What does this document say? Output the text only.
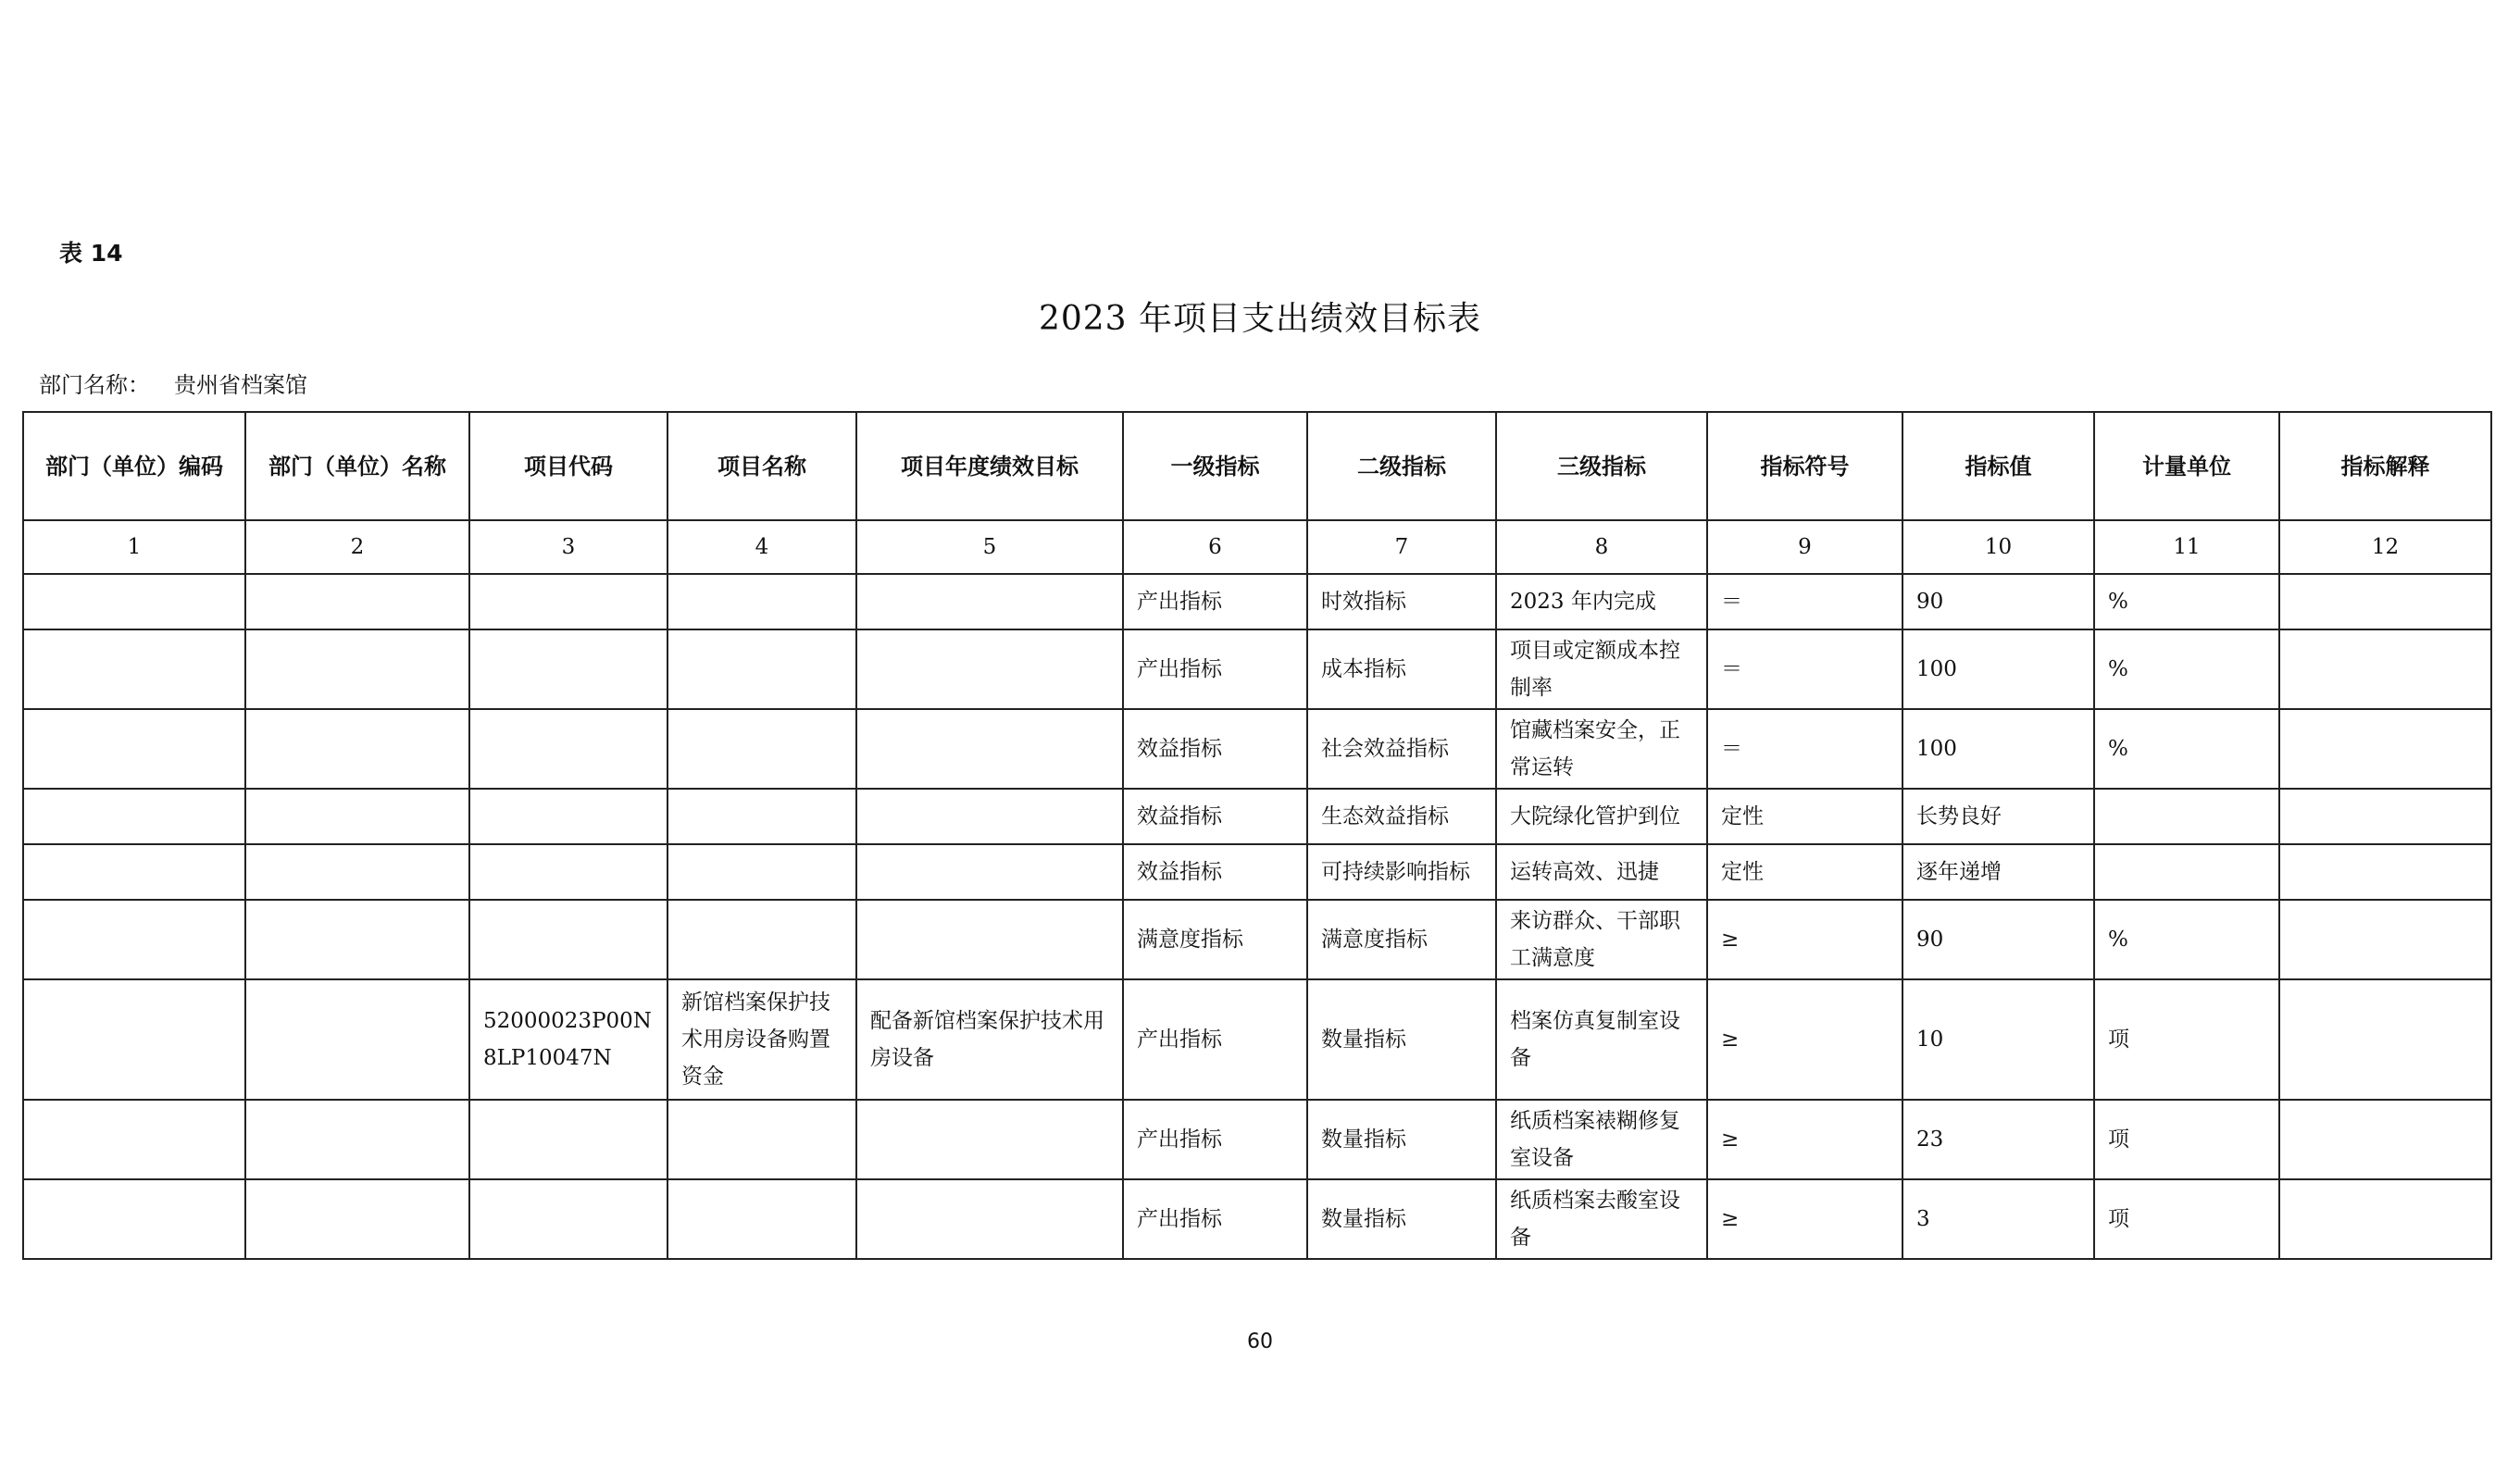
表 14
2023 年项目支出绩效目标表
部门名称： 贵州省档案馆
部门（单位）编码	部门（单位）名称	项目代码	项目名称	项目年度绩效目标	一级指标	二级指标	三级指标	指标符号	指标值	计量单位	指标解释
1	2	3	4	5	6	7	8	9	10	11	12
					产出指标	时效指标	2023 年内完成	＝	90	%	
					产出指标	成本指标	项目或定额成本控制率	＝	100	%	
					效益指标	社会效益指标	馆藏档案安全，正常运转	＝	100	%	
					效益指标	生态效益指标	大院绿化管护到位	定性	长势良好		
					效益指标	可持续影响指标	运转高效、迅捷	定性	逐年递增		
					满意度指标	满意度指标	来访群众、干部职工满意度	≥	90	%	
		52000023P00N8LP10047N	新馆档案保护技术用房设备购置资金	配备新馆档案保护技术用房设备	产出指标	数量指标	档案仿真复制室设备	≥	10	项	
					产出指标	数量指标	纸质档案裱糊修复室设备	≥	23	项	
					产出指标	数量指标	纸质档案去酸室设备	≥	3	项	
60
